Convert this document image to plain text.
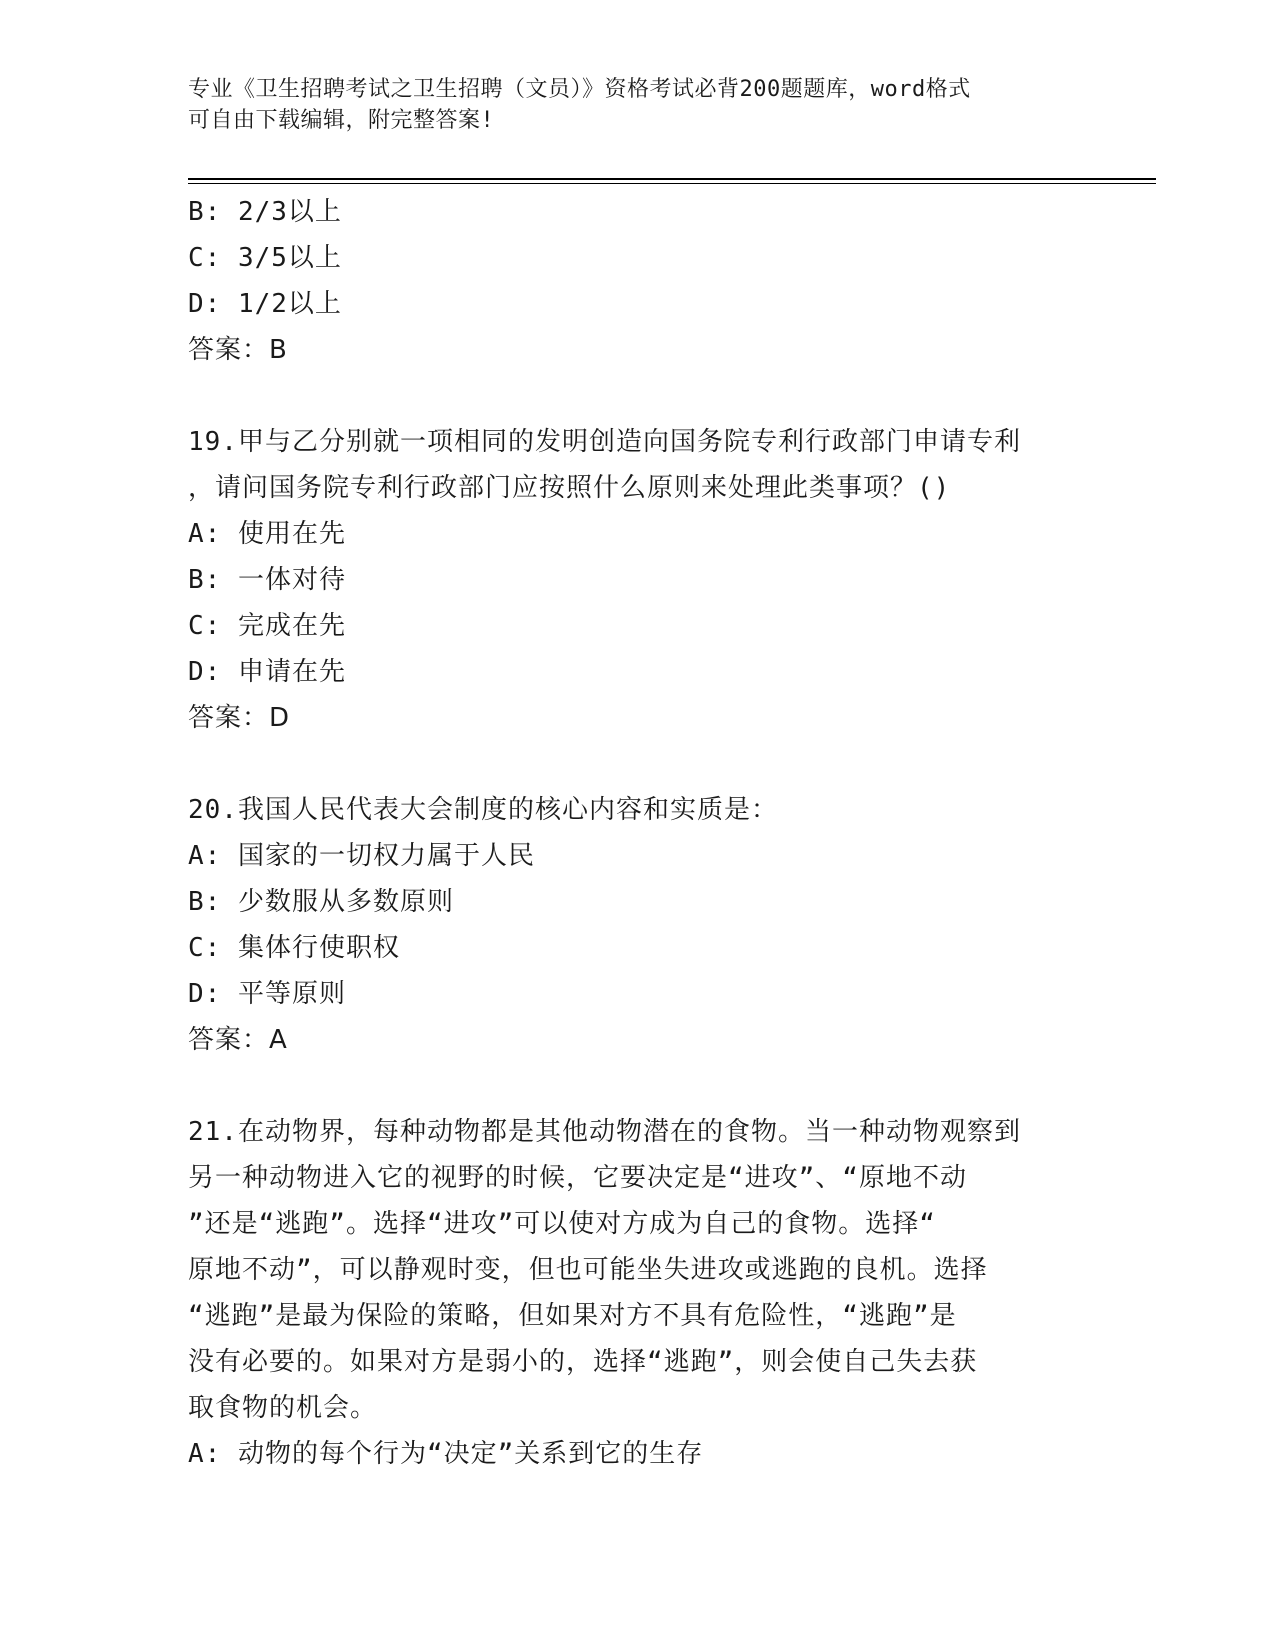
专业《卫生招聘考试之卫生招聘（文员）》资格考试必背200题题库，word格式
可自由下载编辑，附完整答案!
B: 2/3以上
C: 3/5以上
D: 1/2以上
答案：B
19.甲与乙分别就一项相同的发明创造向国务院专利行政部门申请专利
，请问国务院专利行政部门应按照什么原则来处理此类事项？()
A: 使用在先
B: 一体对待
C: 完成在先
D: 申请在先
答案：D
20.我国人民代表大会制度的核心内容和实质是：
A: 国家的一切权力属于人民
B: 少数服从多数原则
C: 集体行使职权
D: 平等原则
答案：A
21.在动物界，每种动物都是其他动物潜在的食物。当一种动物观察到
另一种动物进入它的视野的时候，它要决定是“进攻”、“原地不动
”还是“逃跑”。选择“进攻”可以使对方成为自己的食物。选择“
原地不动”，可以静观时变，但也可能坐失进攻或逃跑的良机。选择
“逃跑”是最为保险的策略，但如果对方不具有危险性，“逃跑”是
没有必要的。如果对方是弱小的，选择“逃跑”，则会使自己失去获
取食物的机会。
A: 动物的每个行为“决定”关系到它的生存
